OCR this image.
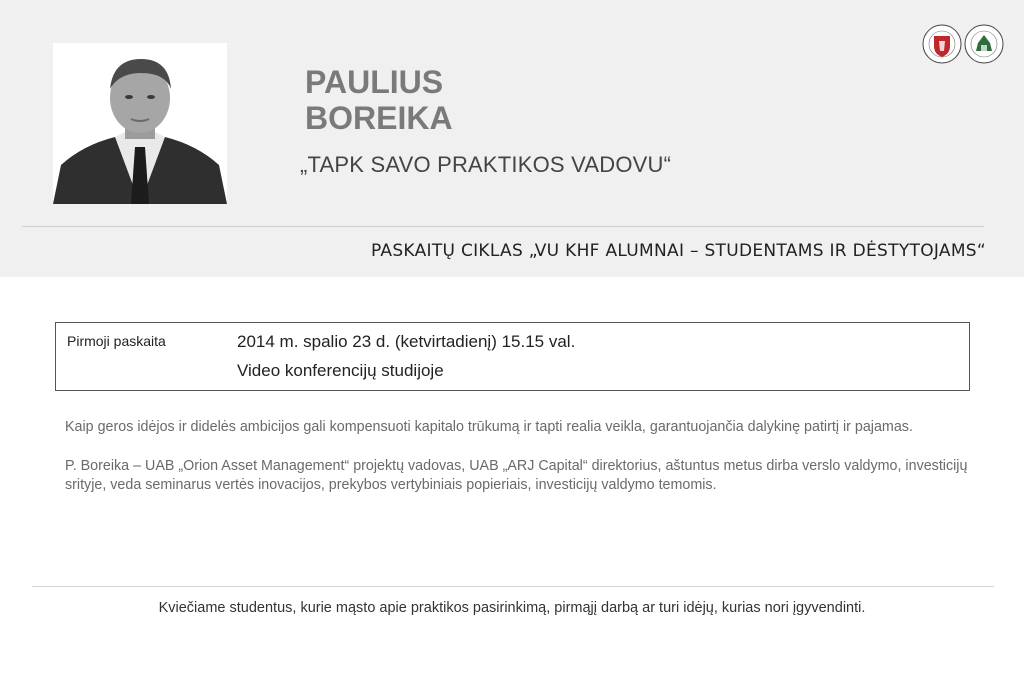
PAULIUS
BOREIKA
„TAPK SAVO PRAKTIKOS VADOVU“
PASKAITŲ CIKLAS „VU KHF ALUMNAI – STUDENTAMS IR DĖSTYTOJAMS“
Pirmoji paskaita	2014 m. spalio 23 d. (ketvirtadienį) 15.15 val.
Video konferencijų studijoje
Kaip geros idėjos ir didelės ambicijos gali kompensuoti kapitalo trūkumą ir tapti realia veikla, garantuojančia dalykinę patirtį ir pajamas.
P. Boreika – UAB „Orion Asset Management“ projektų vadovas, UAB „ARJ Capital“ direktorius, aštuntus metus dirba verslo valdymo, investicijų srityje, veda seminarus vertės inovacijos, prekybos vertybiniais popieriais, investicijų valdymo temomis.
Kviečiame studentus, kurie mąsto apie praktikos pasirinkimą, pirmąjį darbą ar turi idėjų, kurias nori įgyvendinti.
